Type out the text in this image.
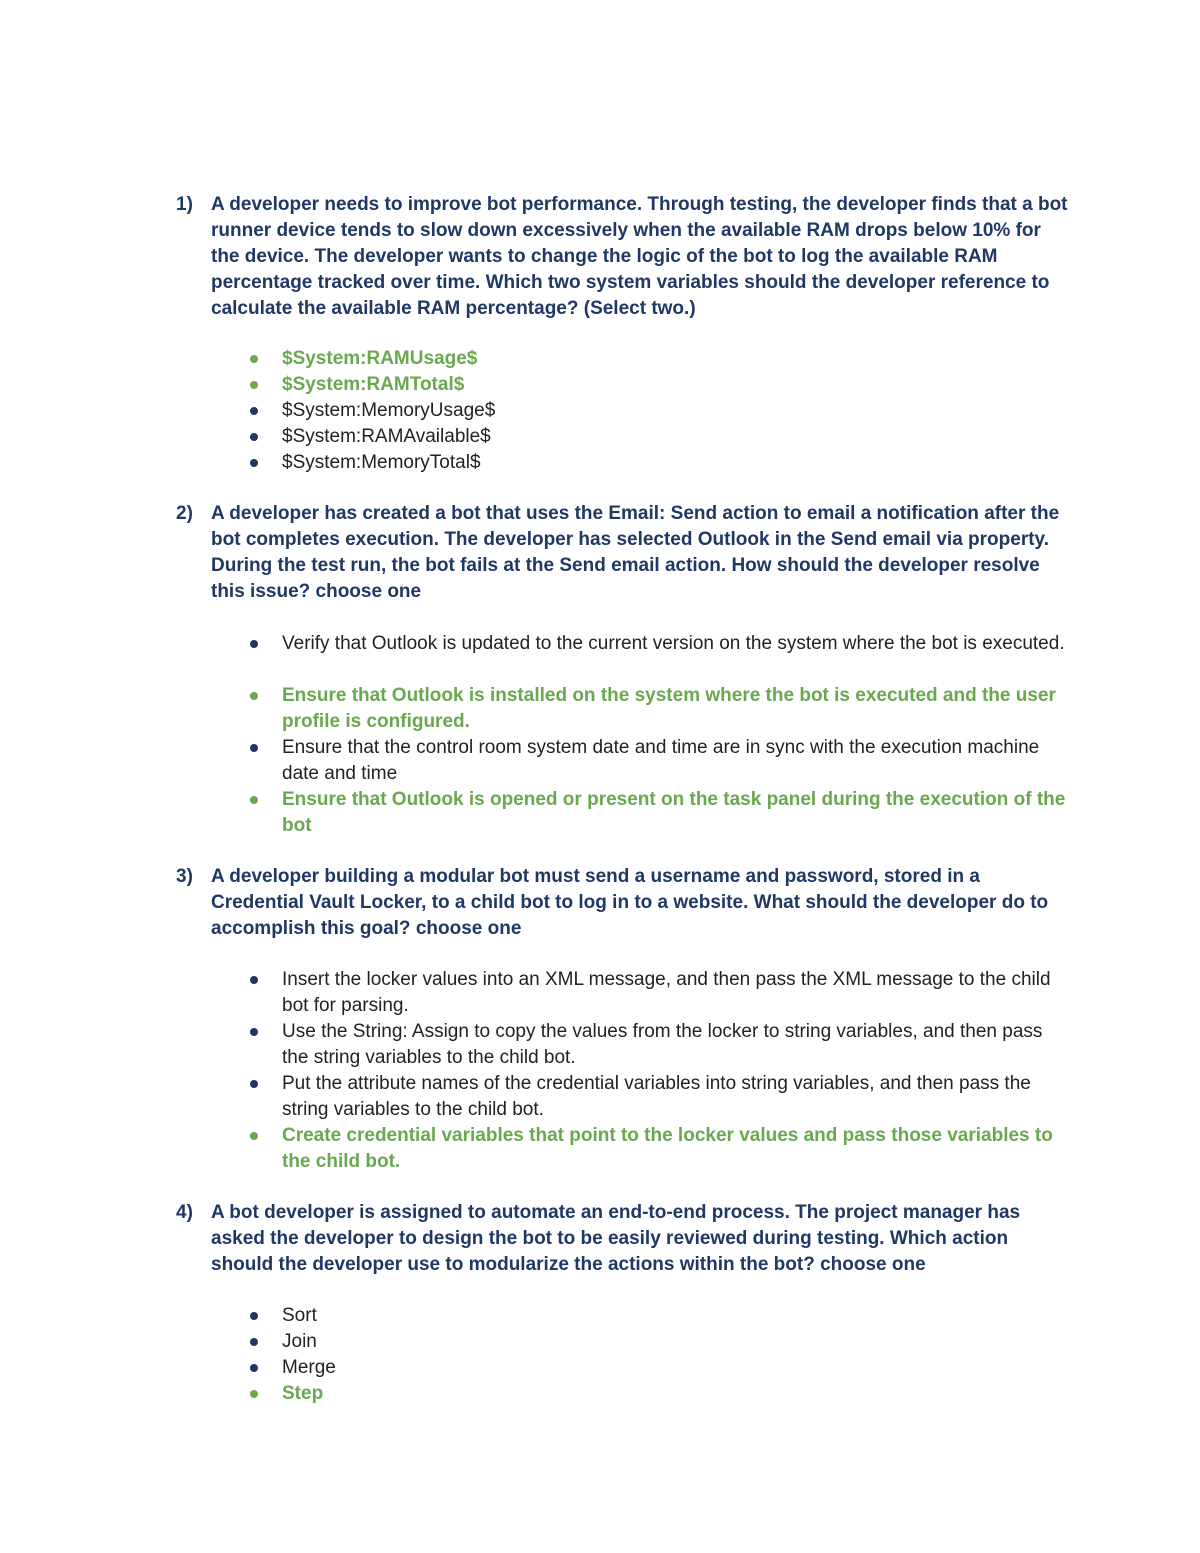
1) A developer needs to improve bot performance. Through testing, the developer finds that a bot runner device tends to slow down excessively when the available RAM drops below 10% for the device. The developer wants to change the logic of the bot to log the available RAM percentage tracked over time. Which two system variables should the developer reference to calculate the available RAM percentage? (Select two.)
$System:RAMUsage$
$System:RAMTotal$
$System:MemoryUsage$
$System:RAMAvailable$
$System:MemoryTotal$
2) A developer has created a bot that uses the Email: Send action to email a notification after the bot completes execution. The developer has selected Outlook in the Send email via property. During the test run, the bot fails at the Send email action. How should the developer resolve this issue? choose one
Verify that Outlook is updated to the current version on the system where the bot is executed.
Ensure that Outlook is installed on the system where the bot is executed and the user profile is configured.
Ensure that the control room system date and time are in sync with the execution machine date and time
Ensure that Outlook is opened or present on the task panel during the execution of the bot
3) A developer building a modular bot must send a username and password, stored in a Credential Vault Locker, to a child bot to log in to a website. What should the developer do to accomplish this goal? choose one
Insert the locker values into an XML message, and then pass the XML message to the child bot for parsing.
Use the String: Assign to copy the values from the locker to string variables, and then pass the string variables to the child bot.
Put the attribute names of the credential variables into string variables, and then pass the string variables to the child bot.
Create credential variables that point to the locker values and pass those variables to the child bot.
4) A bot developer is assigned to automate an end-to-end process. The project manager has asked the developer to design the bot to be easily reviewed during testing. Which action should the developer use to modularize the actions within the bot? choose one
Sort
Join
Merge
Step
